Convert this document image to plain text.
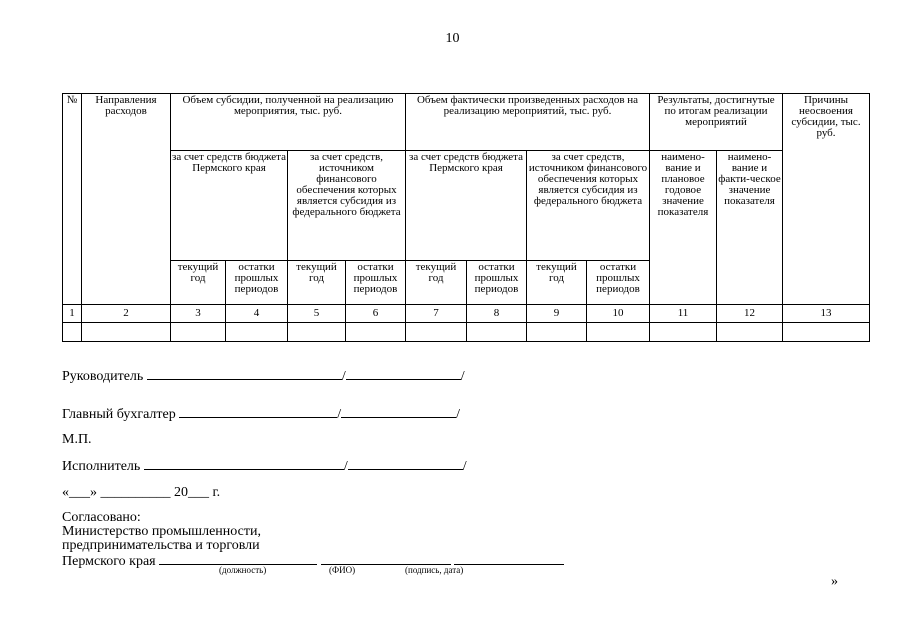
10
№	Направления расходов	Объем субсидии, полученной на реализацию мероприятия, тыс. руб.				Объем фактически произведенных расходов на реализацию мероприятий, тыс. руб.				Результаты, достигнутые по итогам реализации мероприятий		Причины неосвоения субсидии, тыс. руб.
		за счет средств бюджета Пермского края		за счет средств, источником финансового обеспечения которых является субсидия из федерального бюджета		за счет средств бюджета Пермского края		за счет средств, источником финансового обеспечения которых является субсидия из федерального бюджета		наимено-вание и плановое годовое значение показателя	наимено-вание и факти-ческое значение показателя	
		текущий год	остатки прошлых периодов	текущий год	остатки прошлых периодов	текущий год	остатки прошлых периодов	текущий год	остатки прошлых периодов			
1	2	3	4	5	6	7	8	9	10	11	12	13

Руководитель	/	/
Главный бухгалтер	/	/
М.П.
Исполнитель	/	/
«___» __________ 20___ г.
Согласовано:
Министерство промышленности,
предпринимательства и торговли
Пермского края
(должность)	(ФИО)	(подпись, дата)
»
